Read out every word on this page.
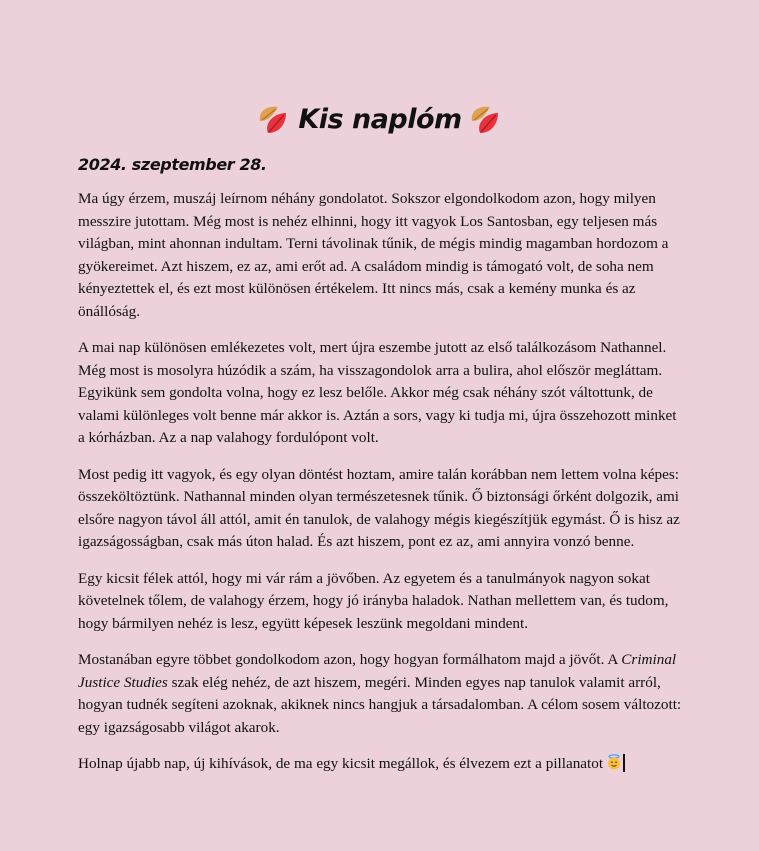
Kis naplóm
2024. szeptember 28.

Ma úgy érzem, muszáj leírnom néhány gondolatot. Sokszor elgondolkodom azon, hogy milyen messzire jutottam. Még most is nehéz elhinni, hogy itt vagyok Los Santosban, egy teljesen más világban, mint ahonnan indultam. Terni távolinak tűnik, de mégis mindig magamban hordozom a gyökereimet. Azt hiszem, ez az, ami erőt ad. A családom mindig is támogató volt, de soha nem kényeztettek el, és ezt most különösen értékelem. Itt nincs más, csak a kemény munka és az önállóság.

A mai nap különösen emlékezetes volt, mert újra eszembe jutott az első találkozásom Nathannel. Még most is mosolyra húzódik a szám, ha visszagondolok arra a bulira, ahol először megláttam. Egyikünk sem gondolta volna, hogy ez lesz belőle. Akkor még csak néhány szót váltottunk, de valami különleges volt benne már akkor is. Aztán a sors, vagy ki tudja mi, újra összehozott minket a kórházban. Az a nap valahogy fordulópont volt.

Most pedig itt vagyok, és egy olyan döntést hoztam, amire talán korábban nem lettem volna képes: összeköltöztünk. Nathannal minden olyan természetesnek tűnik. Ő biztonsági őrként dolgozik, ami elsőre nagyon távol áll attól, amit én tanulok, de valahogy mégis kiegészítjük egymást. Ő is hisz az igazságosságban, csak más úton halad. És azt hiszem, pont ez az, ami annyira vonzó benne.

Egy kicsit félek attól, hogy mi vár rám a jövőben. Az egyetem és a tanulmányok nagyon sokat követelnek tőlem, de valahogy érzem, hogy jó irányba haladok. Nathan mellettem van, és tudom, hogy bármilyen nehéz is lesz, együtt képesek leszünk megoldani mindent.

Mostanában egyre többet gondolkodom azon, hogy hogyan formálhatom majd a jövőt. A Criminal Justice Studies szak elég nehéz, de azt hiszem, megéri. Minden egyes nap tanulok valamit arról, hogyan tudnék segíteni azoknak, akiknek nincs hangjuk a társadalomban. A célom sosem változott: egy igazságosabb világot akarok.

Holnap újabb nap, új kihívások, de ma egy kicsit megállok, és élvezem ezt a pillanatot
